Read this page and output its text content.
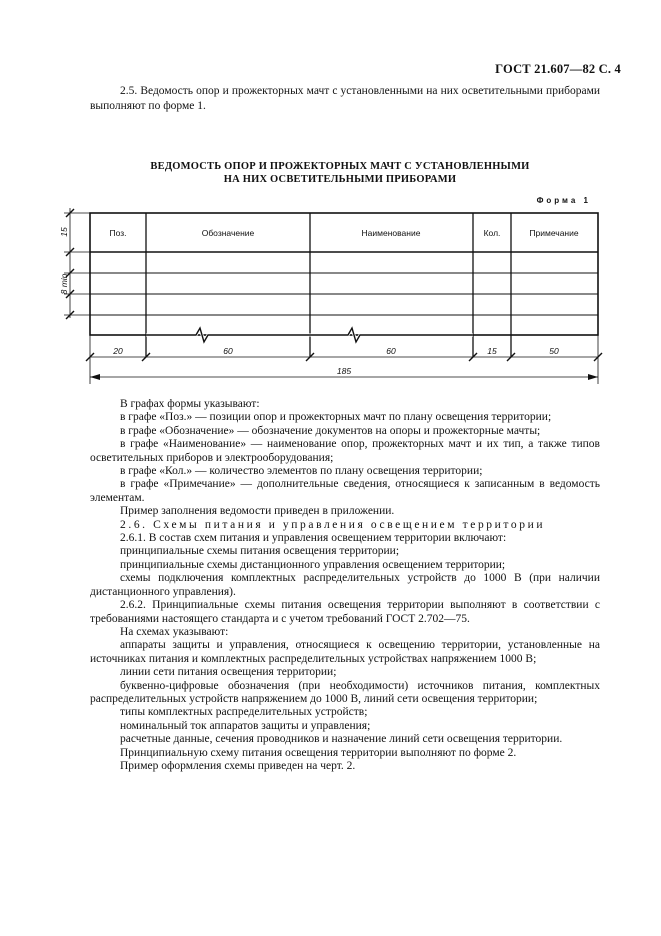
ГОСТ 21.607—82 С. 4

2.5. Ведомость опор и прожекторных мачт с установленными на них осветительными приборами выполняют по форме 1.

ВЕДОМОСТЬ ОПОР И ПРОЖЕКТОРНЫХ МАЧТ С УСТАНОВЛЕННЫМИ
НА НИХ ОСВЕТИТЕЛЬНЫМИ ПРИБОРАМИ
Форма 1
Поз.	Обозначение	Наименование	Кол.	Примечание
20	60	60	15	50
185
15
8 min

В графах формы указывают:

в графе «Поз.» — позиции опор и прожекторных мачт по плану освещения территории;

в графе «Обозначение» — обозначение документов на опоры и прожекторные мачты;

в графе «Наименование» — наименование опор, прожекторных мачт и их тип, а также типов осветительных приборов и электрооборудования;

в графе «Кол.» — количество элементов по плану освещения территории;

в графе «Примечание» — дополнительные сведения, относящиеся к записанным в ведомость элементам.

Пример заполнения ведомости приведен в приложении.

2.6. Схемы питания и управления освещением территории

2.6.1. В состав схем питания и управления освещением территории включают:

принципиальные схемы питания освещения территории;

принципиальные схемы дистанционного управления освещением территории;

схемы подключения комплектных распределительных устройств до 1000 В (при наличии дистанционного управления).

2.6.2. Принципиальные схемы питания освещения территории выполняют в соответствии с требованиями настоящего стандарта и с учетом требований ГОСТ 2.702—75.

На схемах указывают:

аппараты защиты и управления, относящиеся к освещению территории, установленные на источниках питания и комплектных распределительных устройствах напряжением 1000 В;

линии сети питания освещения территории;

буквенно-цифровые обозначения (при необходимости) источников питания, комплектных распределительных устройств напряжением до 1000 В, линий сети освещения территории;

типы комплектных распределительных устройств;

номинальный ток аппаратов защиты и управления;

расчетные данные, сечения проводников и назначение линий сети освещения территории.

Принципиальную схему питания освещения территории выполняют по форме 2.

Пример оформления схемы приведен на черт. 2.
